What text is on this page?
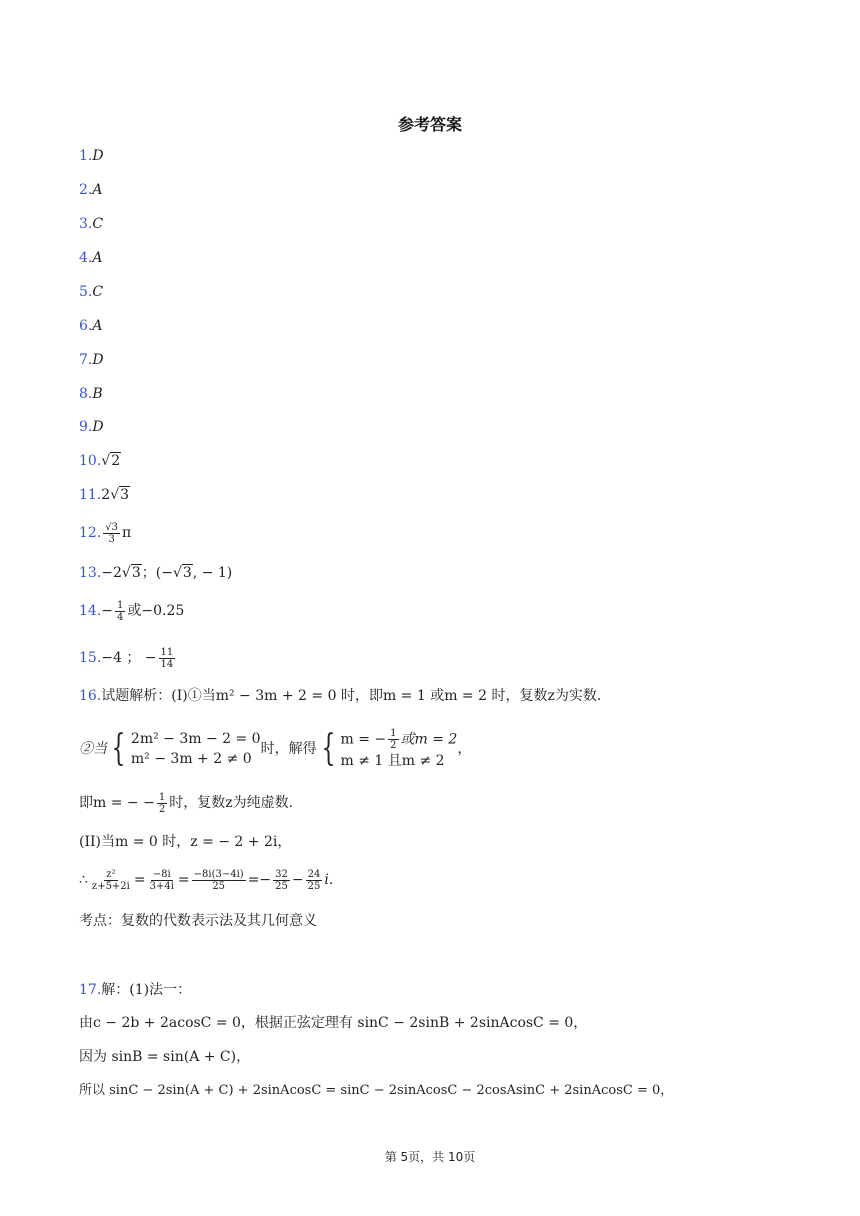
参考答案
1.D
2.A
3.C
4.A
5.C
6.A
7.D
8.B
9.D
10.√2
11.2√3
12. $\frac{√3}{3}$ π
13.−2√3；(−√3, − 1)
$14.- \frac{1}{4}$ 或−0.25
15.−4 ； − $\frac{11}{14}$
16.试题解析：(I)①当m² − 3m + 2 = 0 时，即m = 1 或m = 2 时，复数z为实数.
②当 { 2m² − 3m − 2 = 0
m² − 3m + 2 ≠ 0
时，解得 { m = − $\frac{1}{2}$ 或m = 2
m ≠ 1 且m ≠ 2
，
即m = − − $\frac{1}{2}$ 时，复数z为纯虚数.
(II)当m = 0 时，z = − 2 + 2i，
∴ $\frac{\text{z²}}{z+5+2i} = \frac{-8i}{3+4i} = \frac{-8i(3-4i)}{25} =- \frac{32}{25} - \frac{24}{25} i$.
考点：复数的代数表示法及其几何意义
17.解：(1)法一：
由c − 2b + 2acosC = 0，根据正弦定理有 sinC − 2sinB + 2sinAcosC = 0，
因为 sinB = sin(A + C)，
所以 sinC − 2sin(A + C) + 2sinAcosC = sinC − 2sinAcosC − 2cosAsinC + 2sinAcosC = 0，
第 5页，共 10页
